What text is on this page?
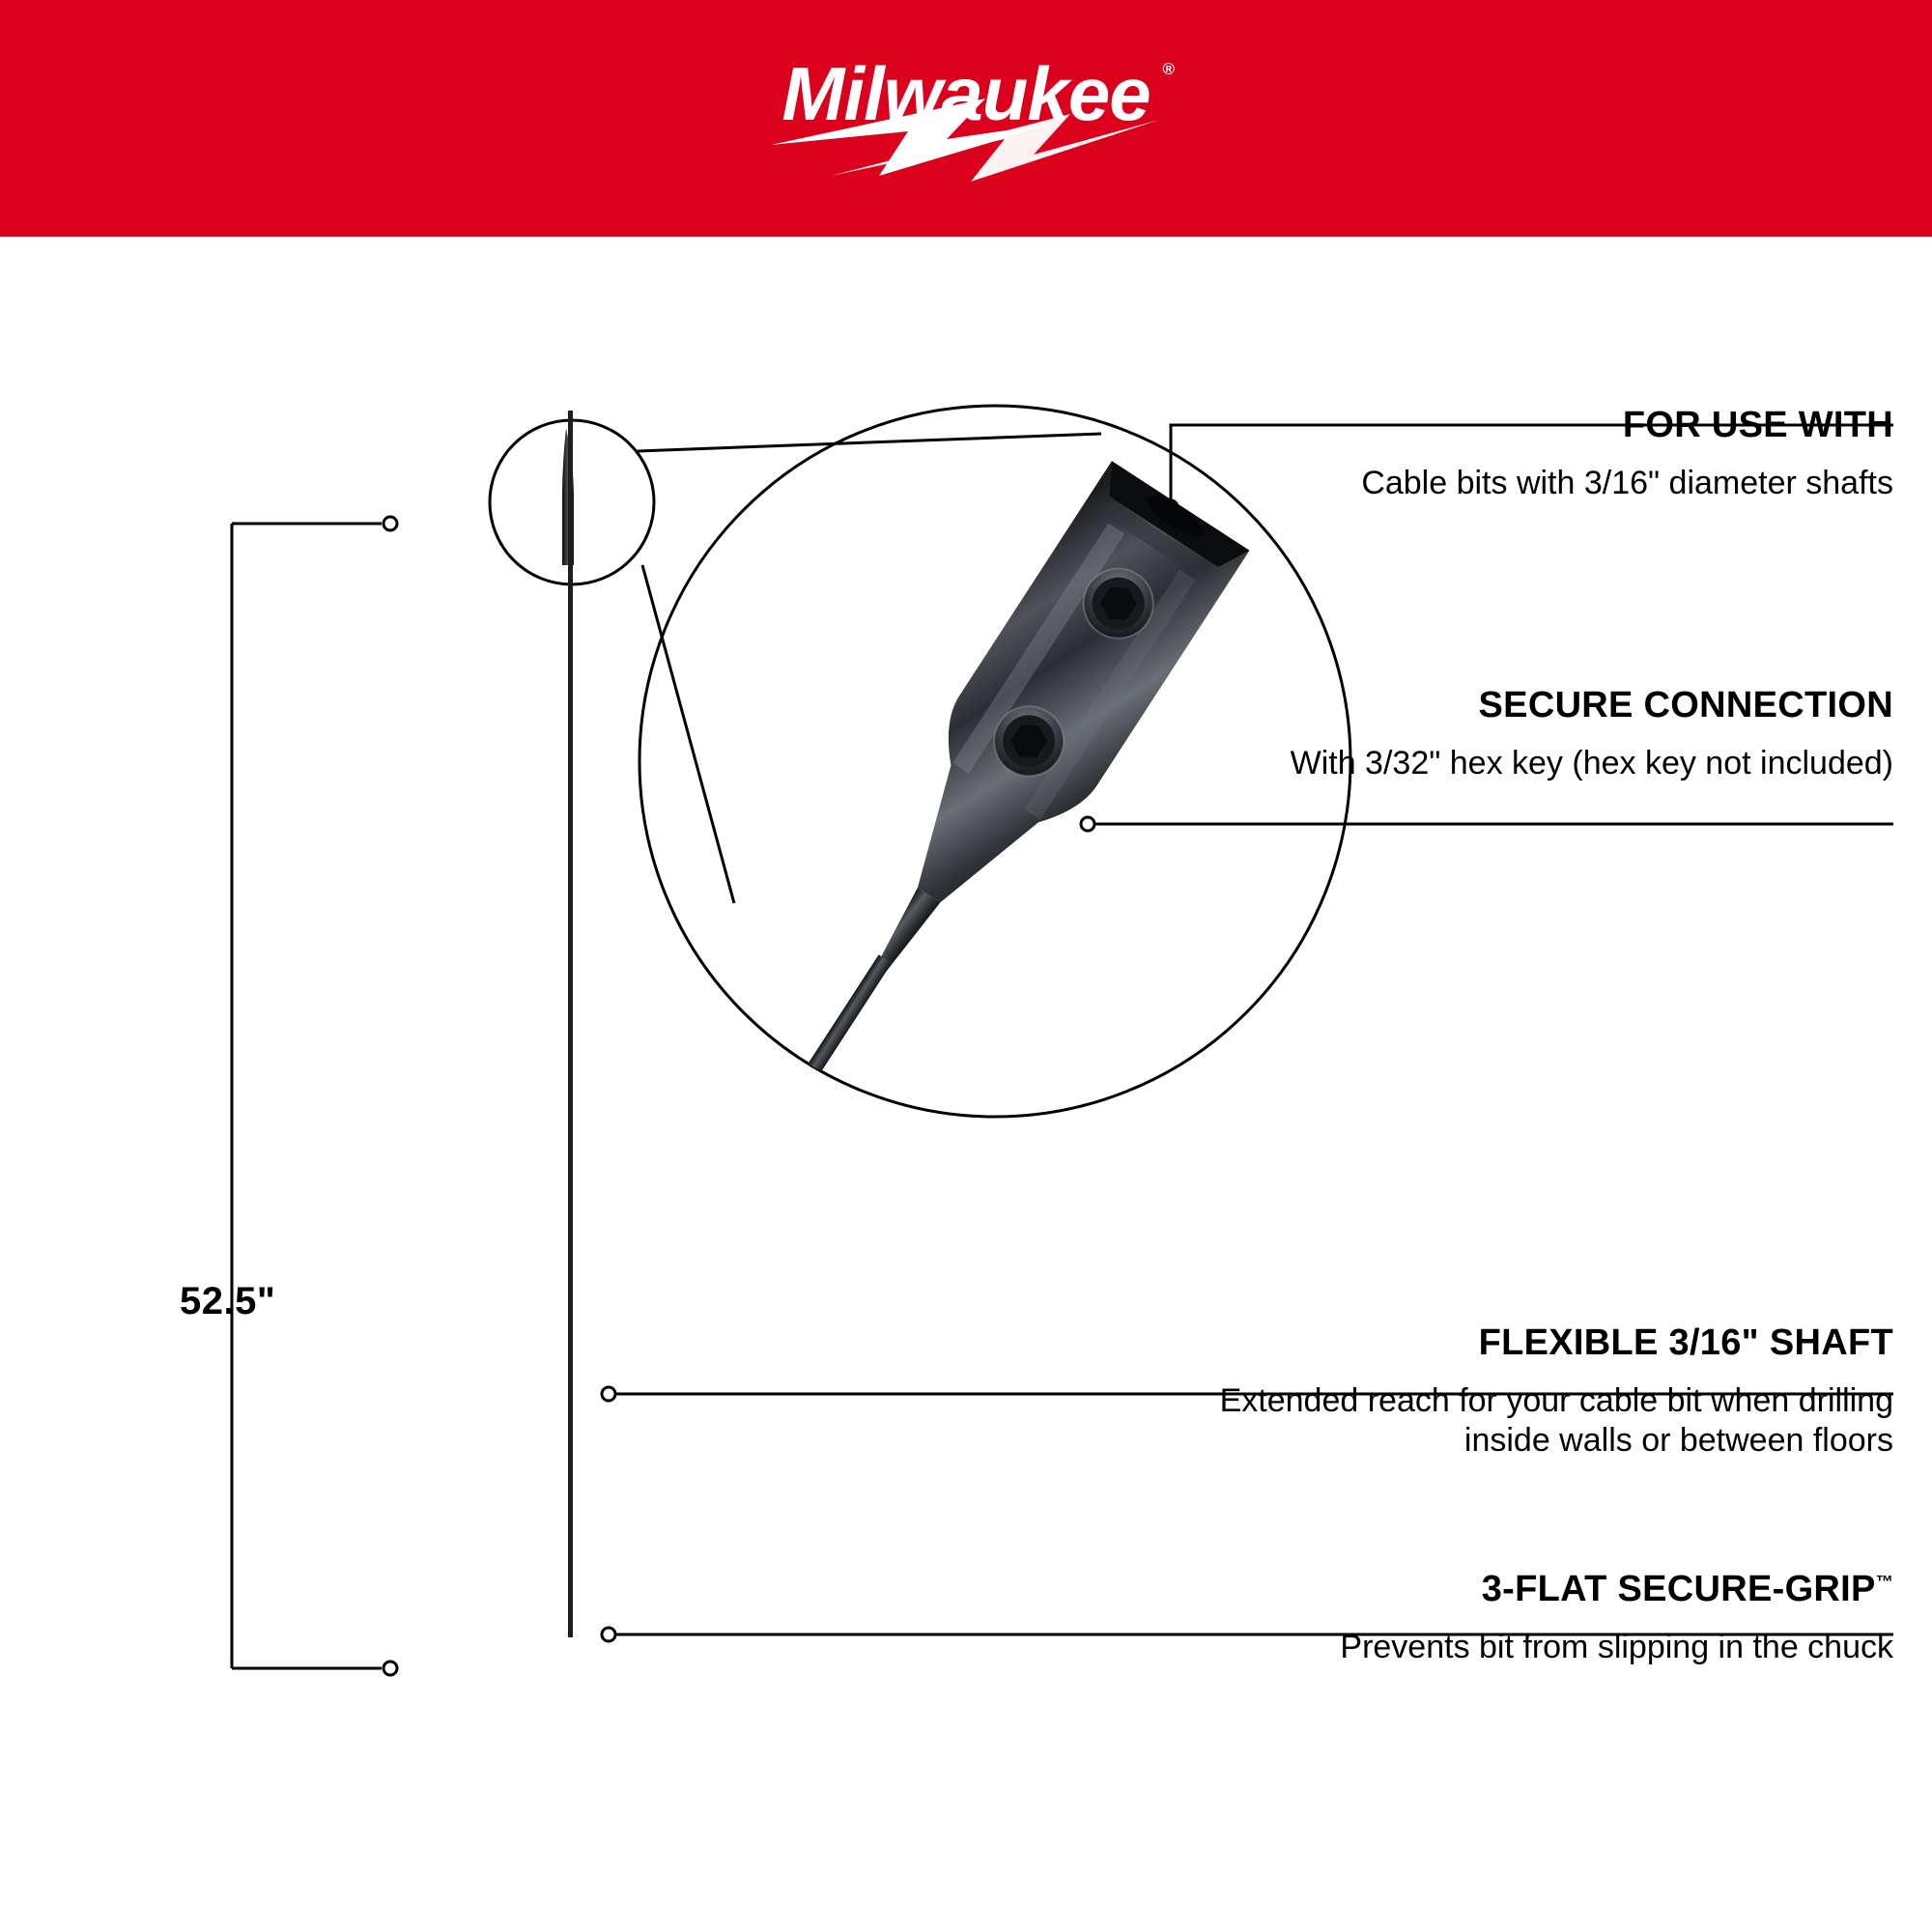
Milwaukee ®
52.5"
FOR USE WITH
Cable bits with 3/16" diameter shafts
SECURE CONNECTION
With 3/32" hex key (hex key not included)
FLEXIBLE 3/16" SHAFT
Extended reach for your cable bit when drilling inside walls or between floors
3-FLAT SECURE-GRIP™
Prevents bit from slipping in the chuck
